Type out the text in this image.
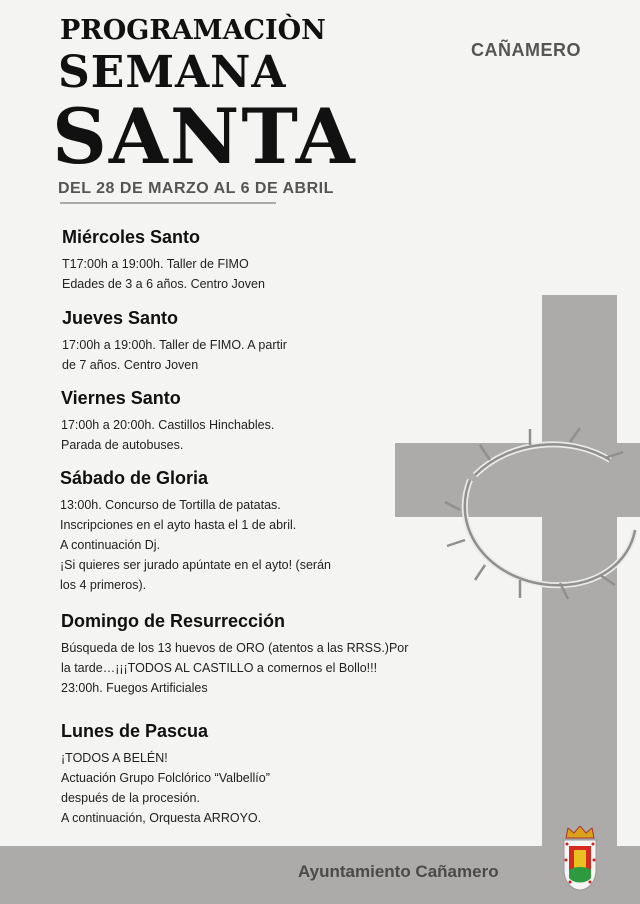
PROGRAMACIÒN
SEMANA
SANTA
DEL 28 DE MARZO AL 6 DE ABRIL
CAÑAMERO
Miércoles Santo

T17:00h a 19:00h. Taller de FIMO

Edades de 3 a 6 años. Centro Joven

Jueves Santo

17:00h a 19:00h. Taller de FIMO. A partir

de 7 años. Centro Joven

Viernes Santo

17:00h a 20:00h. Castillos Hinchables.

Parada de autobuses.

Sábado de Gloria

13:00h. Concurso de Tortilla de patatas.

Inscripciones en el ayto hasta el 1 de abril.

A continuación Dj.

¡Si quieres ser jurado apúntate en el ayto! (serán

los 4 primeros).

Domingo de Resurrección

Búsqueda de los 13 huevos de ORO (atentos a las RRSS.)Por

la tarde…¡¡¡TODOS AL CASTILLO a comernos el Bollo!!!

23:00h. Fuegos Artificiales

Lunes de Pascua

¡TODOS A BELÉN!

Actuación Grupo Folclórico “Valbellío”

después de la procesión.

A continuación, Orquesta ARROYO.

Ayuntamiento Cañamero
